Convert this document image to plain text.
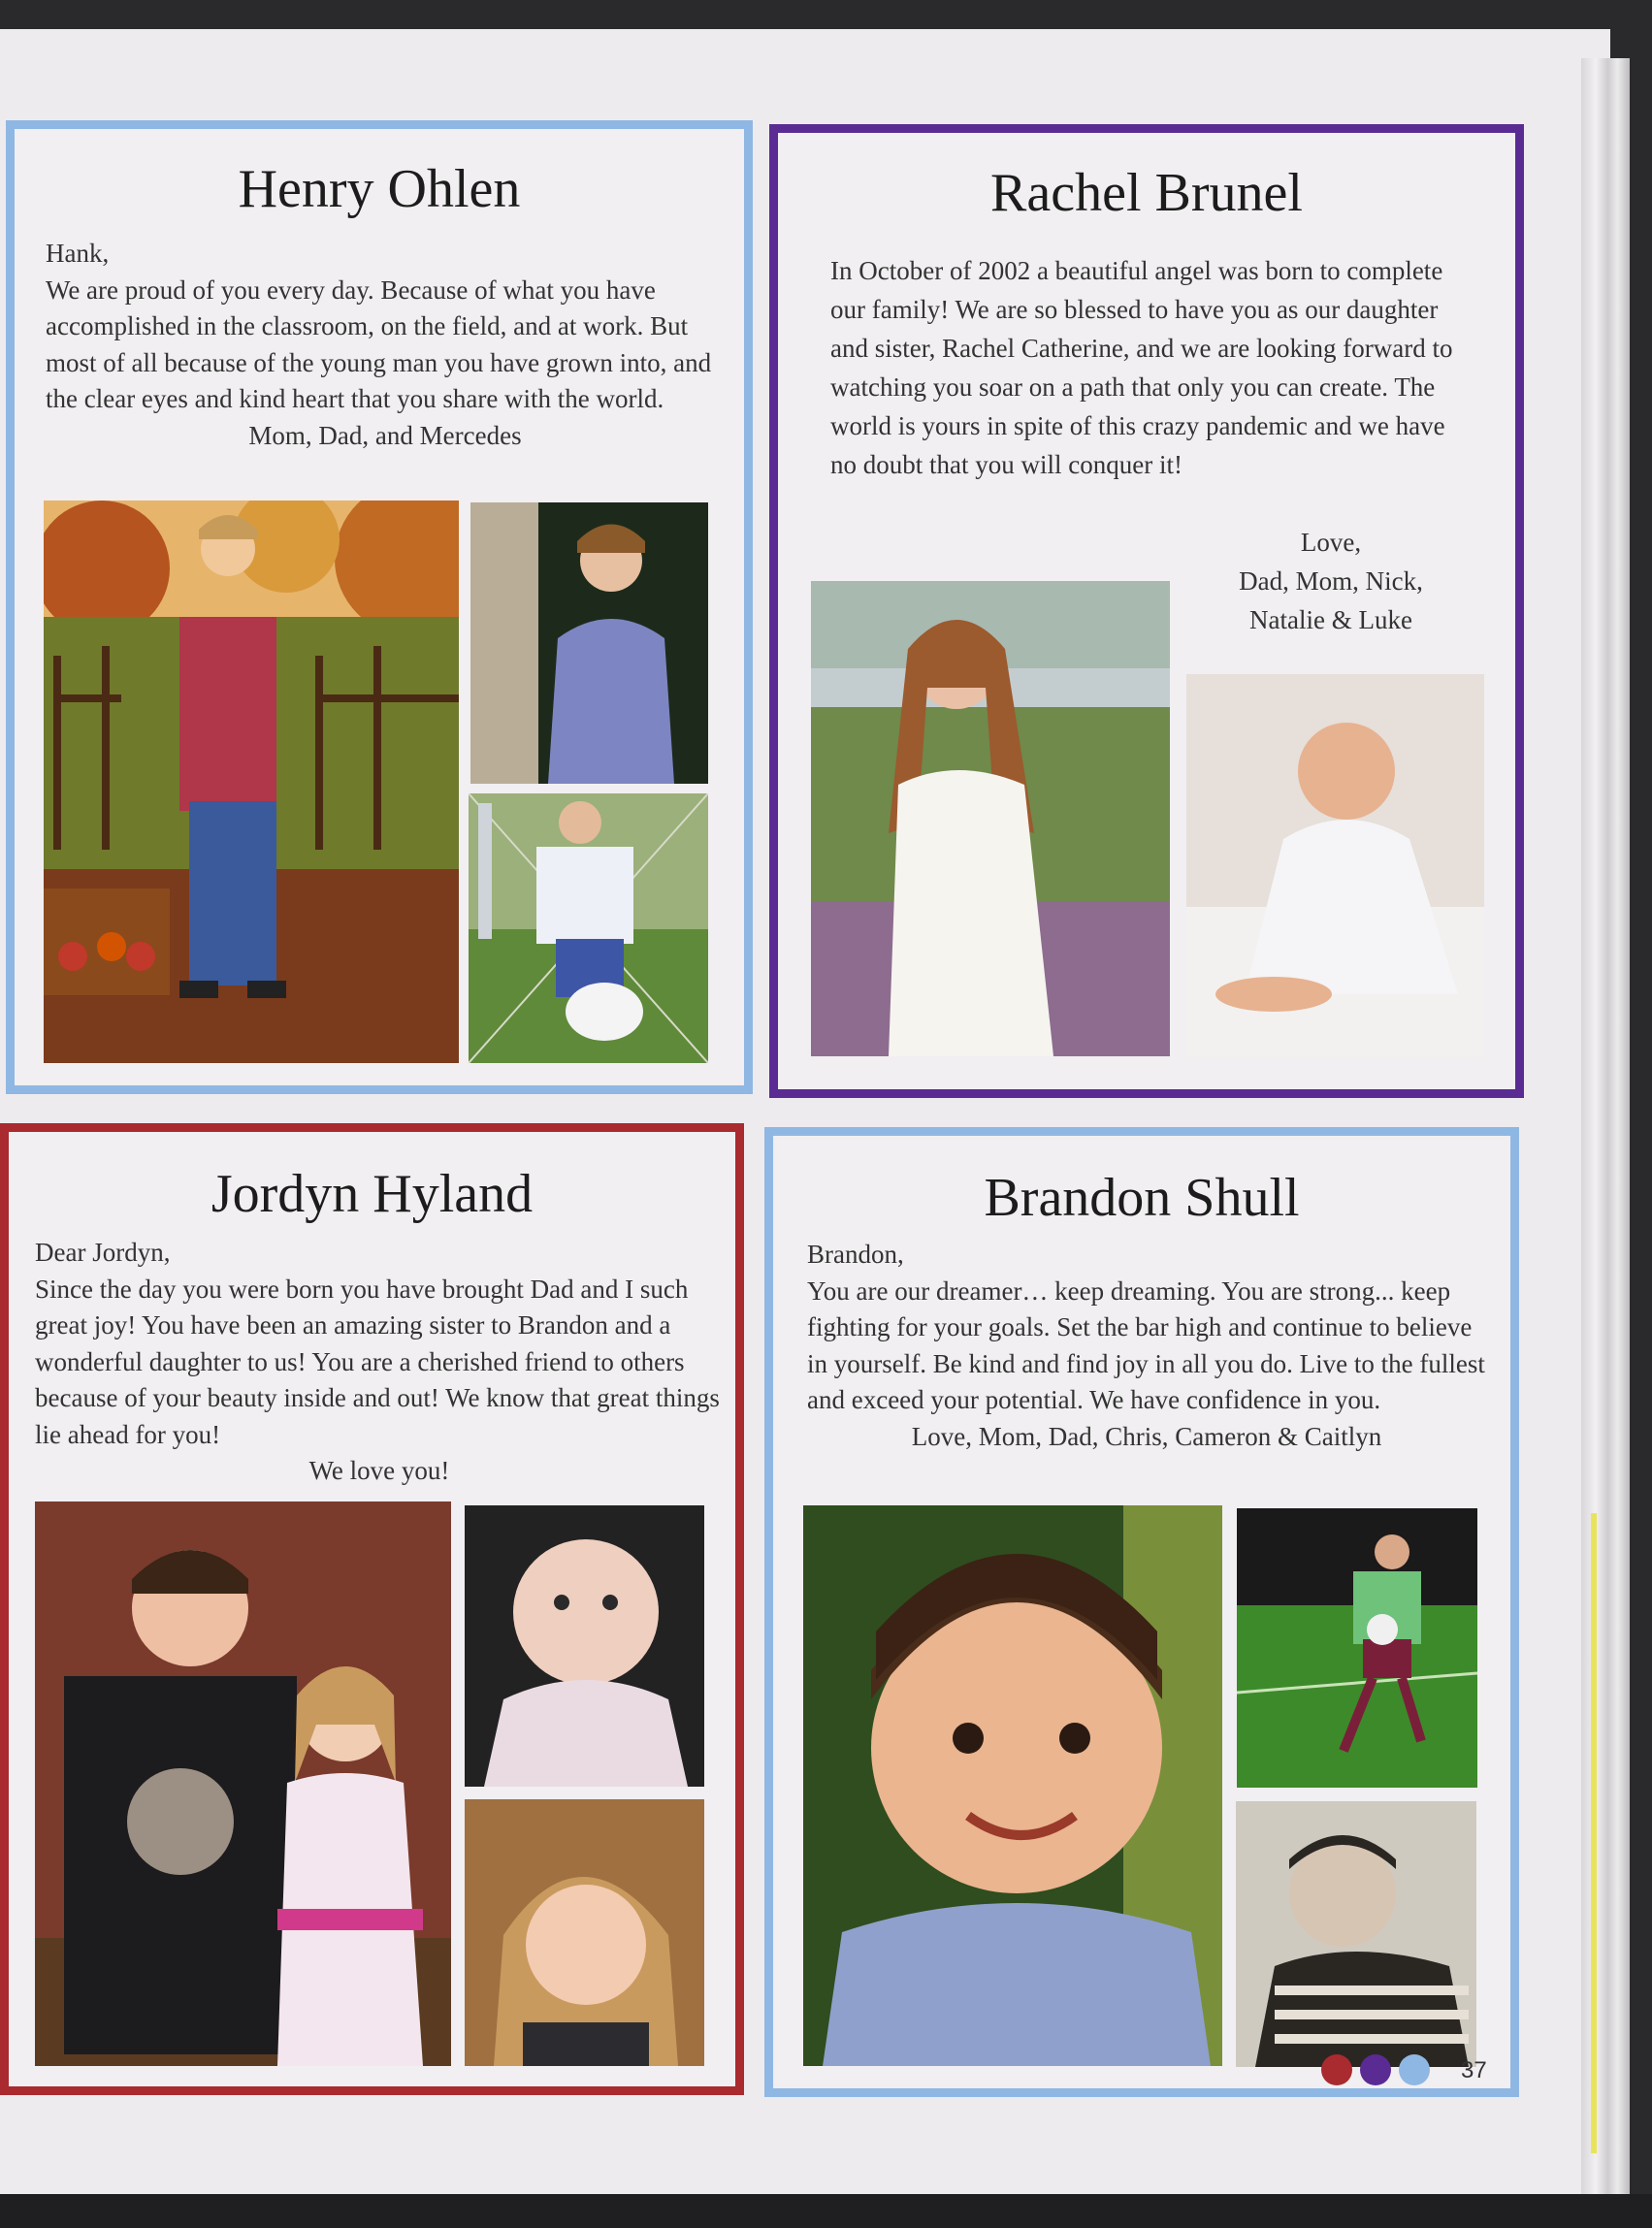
Henry Ohlen

Hank,

We are proud of you every day. Because of what you have accomplished in the classroom, on the field, and at work. But most of all because of the young man you have grown into, and the clear eyes and kind heart that you share with the world.

Mom, Dad, and Mercedes

Rachel Brunel

In October of 2002 a beautiful angel was born to complete our family! We are so blessed to have you as our daughter and sister, Rachel Catherine, and we are looking forward to watching you soar on a path that only you can create. The world is yours in spite of this crazy pandemic and we have no doubt that you will conquer it!

Love,

Dad, Mom, Nick,

Natalie & Luke

Jordyn Hyland

Dear Jordyn,

Since the day you were born you have brought Dad and I such great joy! You have been an amazing sister to Brandon and a wonderful daughter to us! You are a cherished friend to others because of your beauty inside and out! We know that great things lie ahead for you!

We love you!

Brandon Shull

Brandon,

You are our dreamer… keep dreaming. You are strong... keep fighting for your goals. Set the bar high and continue to believe in yourself. Be kind and find joy in all you do. Live to the fullest and exceed your potential. We have confidence in you.

Love, Mom, Dad, Chris, Cameron & Caitlyn

37
